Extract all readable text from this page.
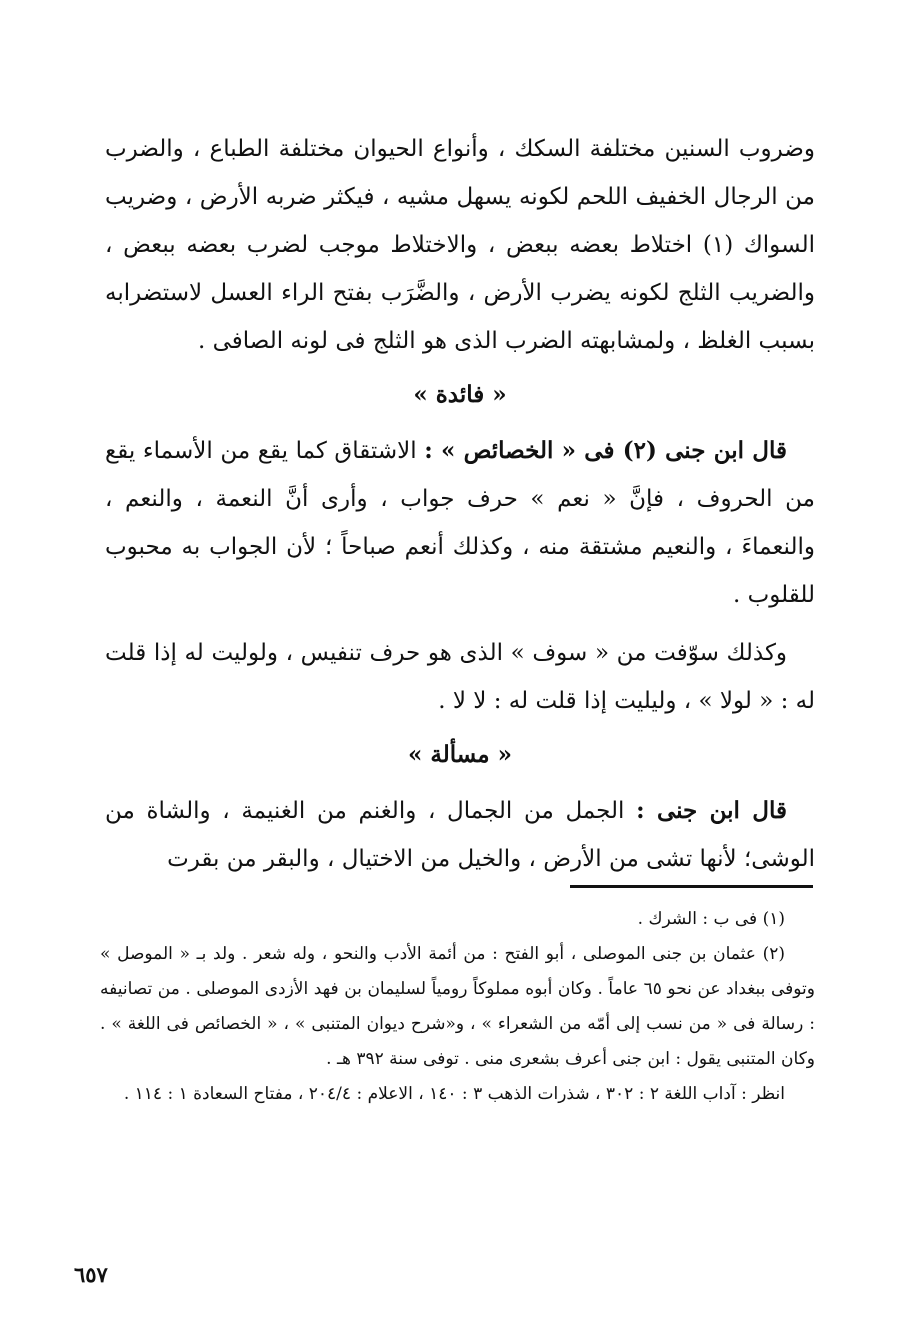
وضروب السنين مختلفة السكك ، وأنواع الحيوان مختلفة الطباع ، والضرب من الرجال الخفيف اللحم لكونه يسهل مشيه ، فيكثر ضربه الأرض ، وضريب السواك (١) اختلاط بعضه ببعض ، والاختلاط موجب لضرب بعضه ببعض ، والضريب الثلج لكونه يضرب الأرض ، والضَّرَب بفتح الراء العسل لاستضرابه بسبب الغلظ ، ولمشابهته الضرب الذى هو الثلج فى لونه الصافى .

« فائدة »

قال ابن جنى (٢) فى « الخصائص » : الاشتقاق كما يقع من الأسماء يقع من الحروف ، فإنَّ « نعم » حرف جواب ، وأرى أنَّ النعمة ، والنعم ، والنعماءَ ، والنعيم مشتقة منه ، وكذلك أنعم صباحاً ؛ لأن الجواب به محبوب للقلوب .

وكذلك سوّفت من « سوف » الذى هو حرف تنفيس ، ولوليت له إذا قلت له : « لولا » ، وليليت إذا قلت له : لا لا .

« مسألة »

قال ابن جنى : الجمل من الجمال ، والغنم من الغنيمة ، والشاة من الوشى؛ لأنها تشى من الأرض ، والخيل من الاختيال ، والبقر من بقرت

(١) فى ب : الشرك .

(٢) عثمان بن جنى الموصلى ، أبو الفتح : من أئمة الأدب والنحو ، وله شعر . ولد بـ « الموصل » وتوفى ببغداد عن نحو ٦٥ عاماً . وكان أبوه مملوكاً رومياً لسليمان بن فهد الأزدى الموصلى . من تصانيفه : رسالة فى « من نسب إلى أمّه من الشعراء » ، و«شرح ديوان المتنبى » ، « الخصائص فى اللغة » . وكان المتنبى يقول : ابن جنى أعرف بشعرى منى . توفى سنة ٣٩٢ هـ .

انظر : آداب اللغة ٢ : ٣٠٢ ، شذرات الذهب ٣ : ١٤٠ ، الاعلام : ٢٠٤/٤ ، مفتاح السعادة ١ : ١١٤ .

٦٥٧
